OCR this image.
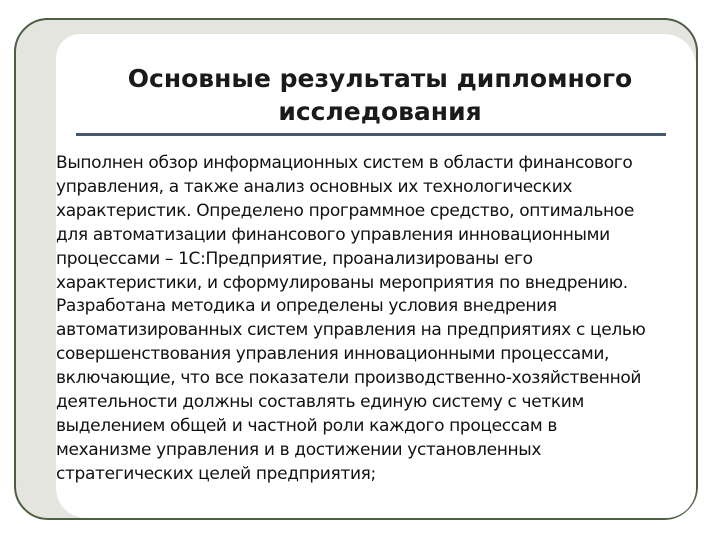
Основные результаты дипломного
исследования

Выполнен обзор информационных систем в области финансового
управления, а также анализ основных их технологических
характеристик. Определено программное средство, оптимальное
для автоматизации финансового управления инновационными
процессами – 1С:Предприятие, проанализированы его
характеристики, и сформулированы мероприятия по внедрению.
Разработана методика и определены условия внедрения
автоматизированных систем управления на предприятиях с целью
совершенствования управления инновационными процессами,
включающие, что все показатели производственно-хозяйственной
деятельности должны составлять единую систему с четким
выделением общей и частной роли каждого процессам в
механизме управления и в достижении установленных
стратегических целей предприятия;
